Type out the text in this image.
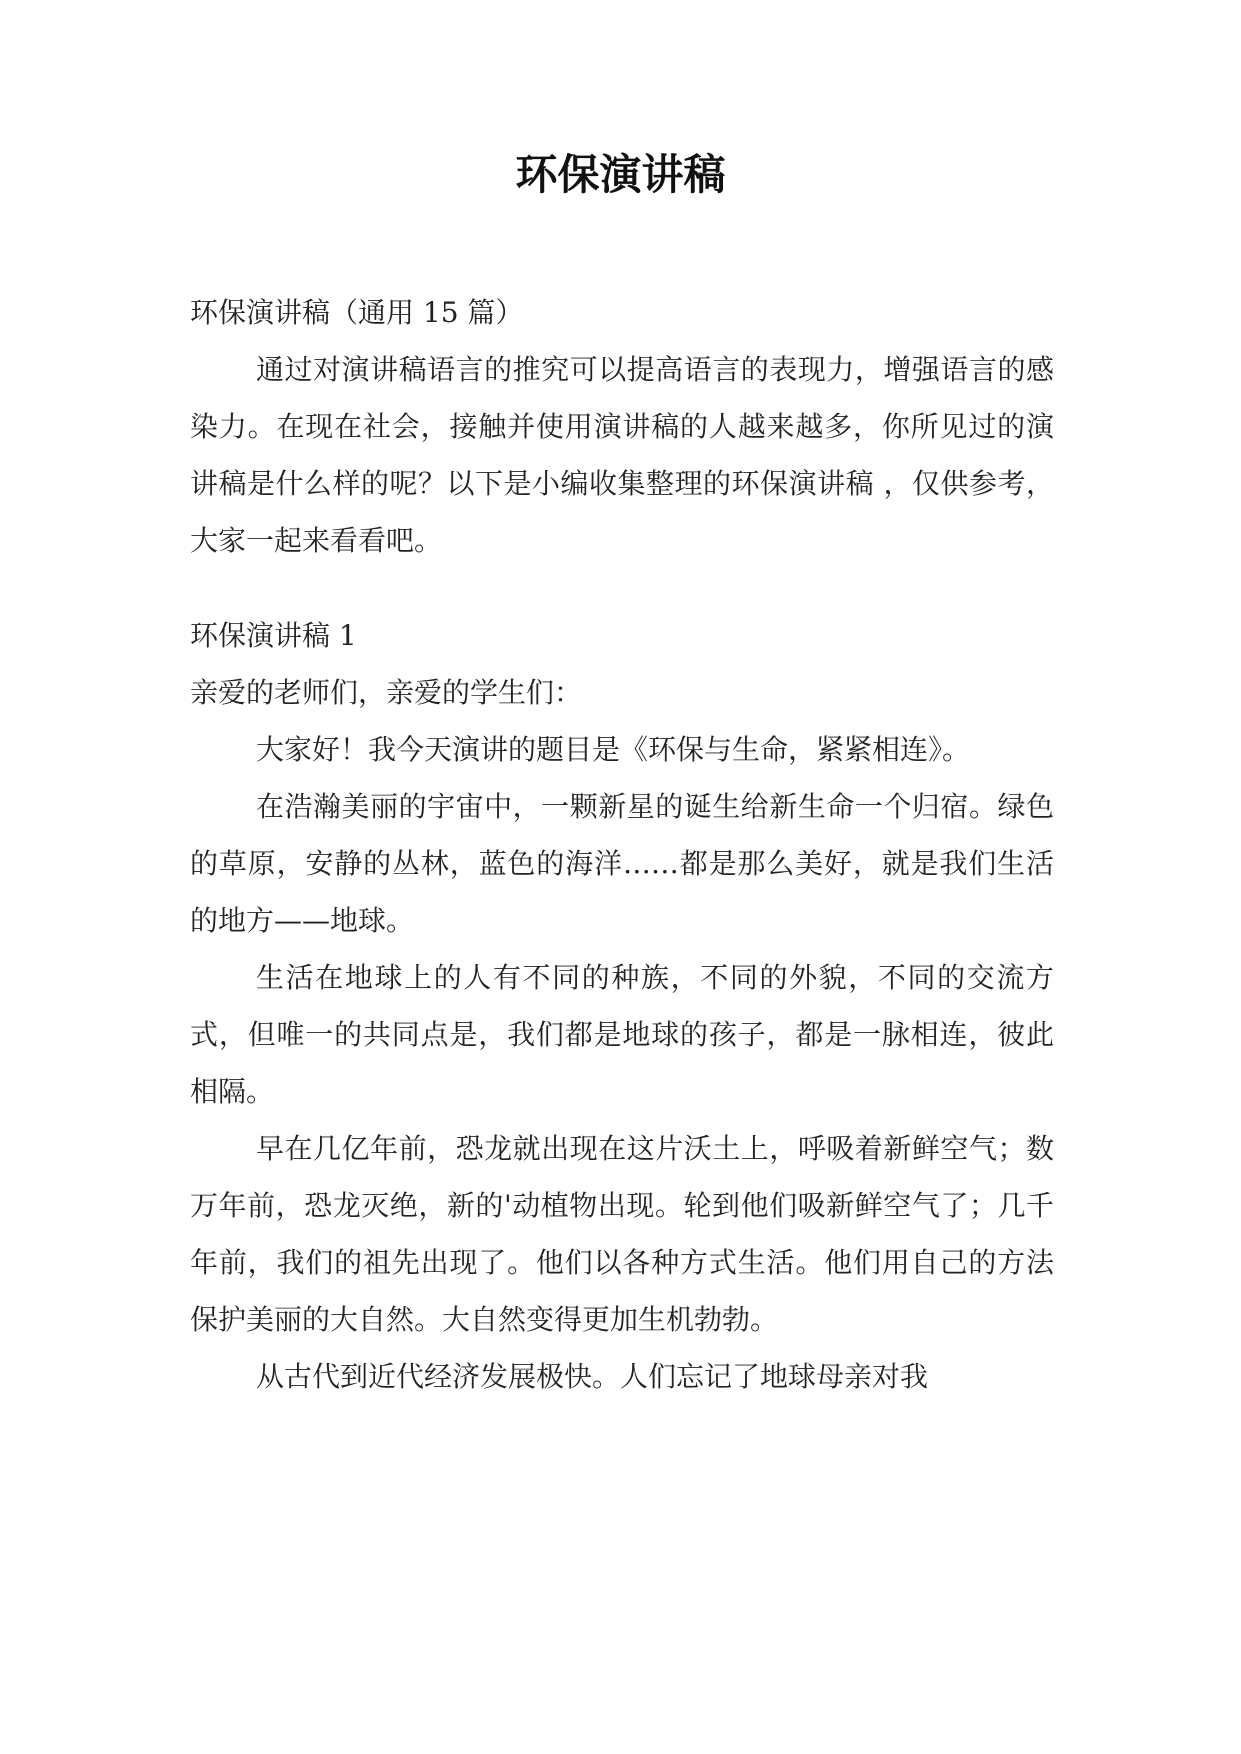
环保演讲稿

环保演讲稿（通用 15 篇）

通过对演讲稿语言的推究可以提高语言的表现力，增强语言的感染力。在现在社会，接触并使用演讲稿的人越来越多，你所见过的演讲稿是什么样的呢？以下是小编收集整理的环保演讲稿 ，仅供参考，大家一起来看看吧。

环保演讲稿 1

亲爱的老师们，亲爱的学生们：

大家好！我今天演讲的题目是《环保与生命，紧紧相连》。

在浩瀚美丽的宇宙中，一颗新星的诞生给新生命一个归宿。绿色的草原，安静的丛林，蓝色的海洋……都是那么美好，就是我们生活的地方——地球。

生活在地球上的人有不同的种族，不同的外貌，不同的交流方式，但唯一的共同点是，我们都是地球的孩子，都是一脉相连，彼此相隔。

早在几亿年前，恐龙就出现在这片沃土上，呼吸着新鲜空气；数万年前，恐龙灭绝，新的'动植物出现。轮到他们吸新鲜空气了；几千年前，我们的祖先出现了。他们以各种方式生活。他们用自己的方法保护美丽的大自然。大自然变得更加生机勃勃。

从古代到近代经济发展极快。人们忘记了地球母亲对我
